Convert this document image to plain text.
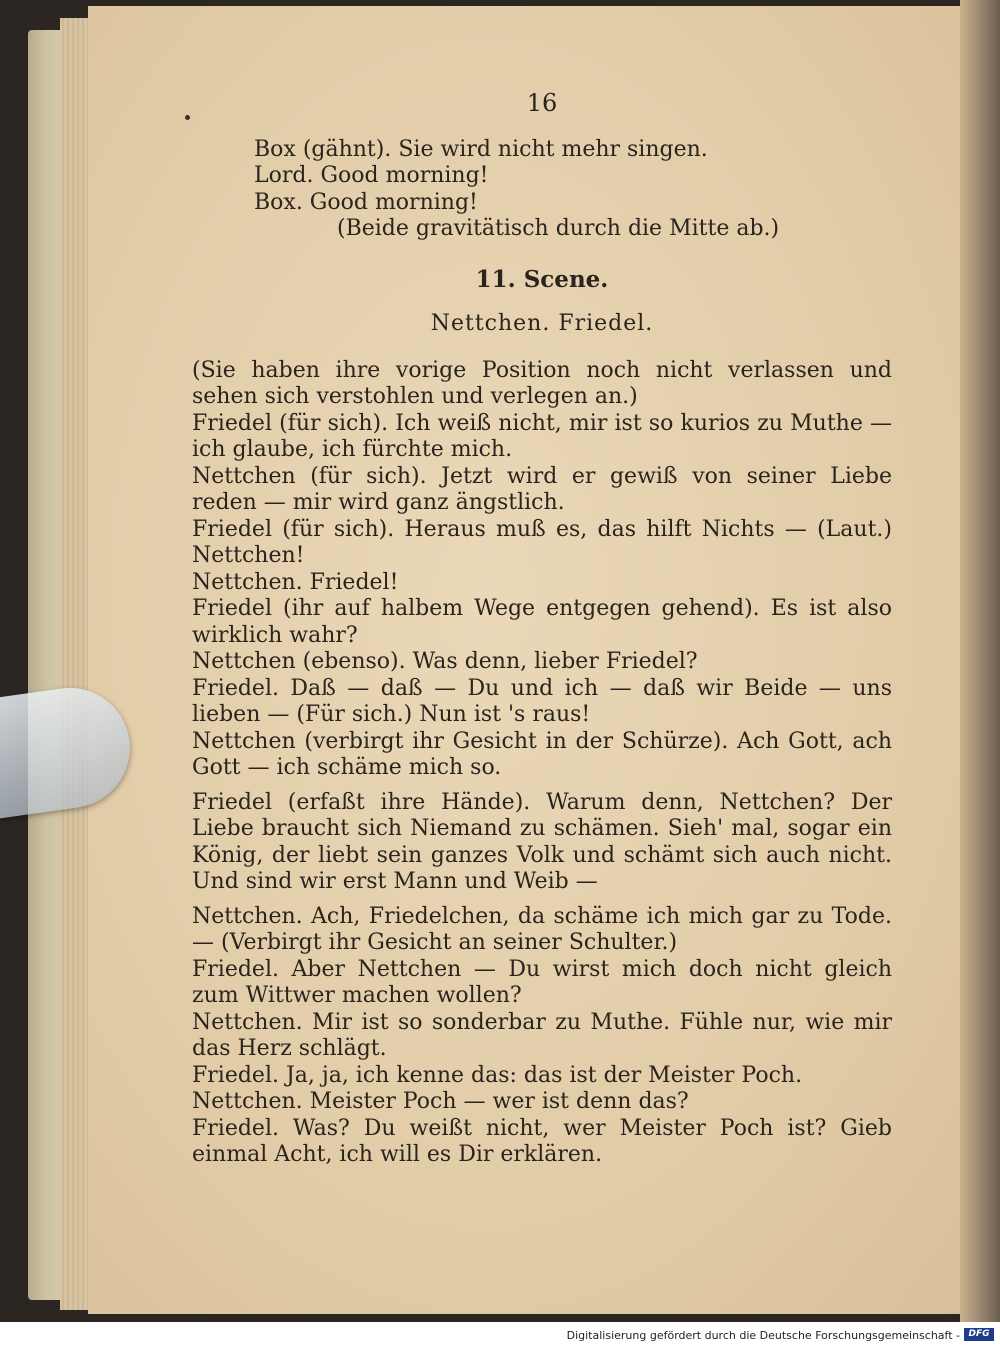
16

Box (gähnt). Sie wird nicht mehr singen.

Lord. Good morning!

Box. Good morning!

(Beide gravitätisch durch die Mitte ab.)

11. Scene.
Nettchen. Friedel.

(Sie haben ihre vorige Position noch nicht verlassen und sehen sich verstohlen und verlegen an.)

Friedel (für sich). Ich weiß nicht, mir ist so kurios zu Muthe — ich glaube, ich fürchte mich.

Nettchen (für sich). Jetzt wird er gewiß von seiner Liebe reden — mir wird ganz ängstlich.

Friedel (für sich). Heraus muß es, das hilft Nichts — (Laut.) Nettchen!

Nettchen. Friedel!

Friedel (ihr auf halbem Wege entgegen gehend). Es ist also wirklich wahr?

Nettchen (ebenso). Was denn, lieber Friedel?

Friedel. Daß — daß — Du und ich — daß wir Beide — uns lieben — (Für sich.) Nun ist 's raus!

Nettchen (verbirgt ihr Gesicht in der Schürze). Ach Gott, ach Gott — ich schäme mich so.

Friedel (erfaßt ihre Hände). Warum denn, Nettchen? Der Liebe braucht sich Niemand zu schämen. Sieh' mal, sogar ein König, der liebt sein ganzes Volk und schämt sich auch nicht. Und sind wir erst Mann und Weib —

Nettchen. Ach, Friedelchen, da schäme ich mich gar zu Tode. — (Verbirgt ihr Gesicht an seiner Schulter.)

Friedel. Aber Nettchen — Du wirst mich doch nicht gleich zum Wittwer machen wollen?

Nettchen. Mir ist so sonderbar zu Muthe. Fühle nur, wie mir das Herz schlägt.

Friedel. Ja, ja, ich kenne das: das ist der Meister Poch.

Nettchen. Meister Poch — wer ist denn das?

Friedel. Was? Du weißt nicht, wer Meister Poch ist? Gieb einmal Acht, ich will es Dir erklären.

Digitalisierung gefördert durch die Deutsche Forschungsgemeinschaft - DFG
